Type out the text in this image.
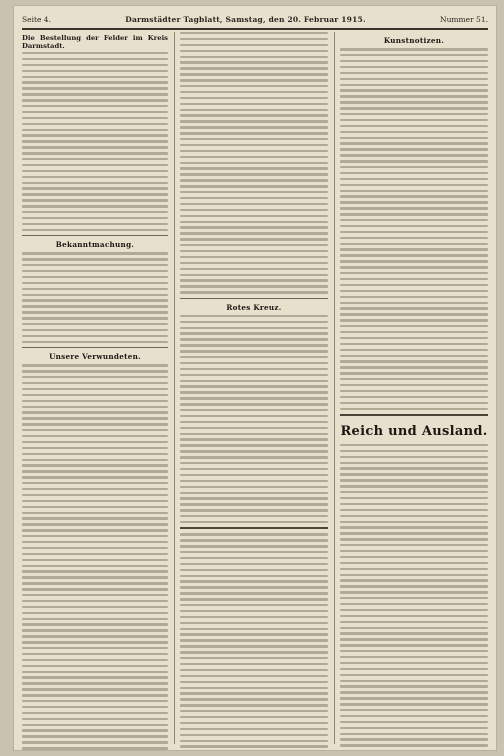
Seite 4.	Darmstädter Tagblatt, Samstag, den 20. Februar 1915.	Nummer 51.
Die Bestellung der Felder im Kreis Darmstadt.
Bekanntmachung.
Unsere Verwundeten.
Rotes Kreuz.
Kunstnotizen.
Reich und Ausland.
